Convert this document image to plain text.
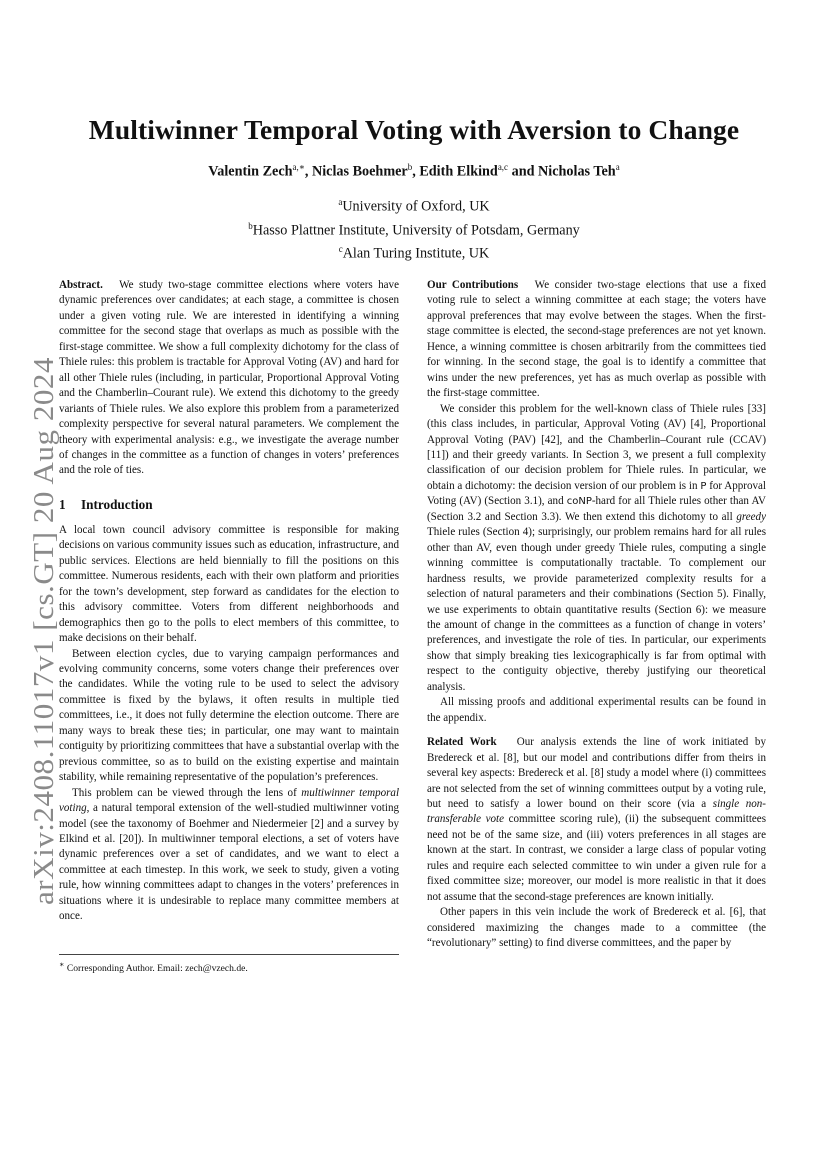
arXiv:2408.11017v1 [cs.GT] 20 Aug 2024
Multiwinner Temporal Voting with Aversion to Change
Valentin Zech$^{a,∗}$, Niclas Boehmer$^b$, Edith Elkind$^{a,c}$ and Nicholas Teh$^a$
$^a$University of Oxford, UK
$^b$Hasso Plattner Institute, University of Potsdam, Germany
$^c$Alan Turing Institute, UK

Abstract. We study two-stage committee elections where voters have dynamic preferences over candidates; at each stage, a committee is chosen under a given voting rule. We are interested in identifying a winning committee for the second stage that overlaps as much as possible with the first-stage committee. We show a full complexity dichotomy for the class of Thiele rules: this problem is tractable for Approval Voting (AV) and hard for all other Thiele rules (including, in particular, Proportional Approval Voting and the Chamberlin–Courant rule). We extend this dichotomy to the greedy variants of Thiele rules. We also explore this problem from a parameterized complexity perspective for several natural parameters. We complement the theory with experimental analysis: e.g., we investigate the average number of changes in the committee as a function of changes in voters’ preferences and the role of ties.

1 Introduction

A local town council advisory committee is responsible for making decisions on various community issues such as education, infrastructure, and public services. Elections are held biennially to fill the positions on this committee. Numerous residents, each with their own platform and priorities for the town’s development, step forward as candidates for the election to this advisory committee. Voters from different neighborhoods and demographics then go to the polls to elect members of this committee, to make decisions on their behalf.

Between election cycles, due to varying campaign performances and evolving community concerns, some voters change their preferences over the candidates. While the voting rule to be used to select the advisory committee is fixed by the bylaws, it often results in multiple tied committees, i.e., it does not fully determine the election outcome. There are many ways to break these ties; in particular, one may want to maintain contiguity by prioritizing committees that have a substantial overlap with the previous committee, so as to build on the existing expertise and maintain stability, while remaining representative of the population’s preferences.

This problem can be viewed through the lens of multiwinner temporal voting, a natural temporal extension of the well-studied multiwinner voting model (see the taxonomy of Boehmer and Niedermeier [2] and a survey by Elkind et al. [20]). In multiwinner temporal elections, a set of voters have dynamic preferences over a set of candidates, and we want to elect a committee at each timestep. In this work, we seek to study, given a voting rule, how winning committees adapt to changes in the voters’ preferences in situations where it is undesirable to replace many committee members at once.

∗ Corresponding Author. Email: zech@vzech.de.

Our Contributions We consider two-stage elections that use a fixed voting rule to select a winning committee at each stage; the voters have approval preferences that may evolve between the stages. When the first-stage committee is elected, the second-stage preferences are not yet known. Hence, a winning committee is chosen arbitrarily from the committees tied for winning. In the second stage, the goal is to identify a committee that wins under the new preferences, yet has as much overlap as possible with the first-stage committee.

We consider this problem for the well-known class of Thiele rules [33] (this class includes, in particular, Approval Voting (AV) [4], Proportional Approval Voting (PAV) [42], and the Chamberlin–Courant rule (CCAV) [11]) and their greedy variants. In Section 3, we present a full complexity classification of our decision problem for Thiele rules. In particular, we obtain a dichotomy: the decision version of our problem is in P for Approval Voting (AV) (Section 3.1), and coNP-hard for all Thiele rules other than AV (Section 3.2 and Section 3.3). We then extend this dichotomy to all greedy Thiele rules (Section 4); surprisingly, our problem remains hard for all rules other than AV, even though under greedy Thiele rules, computing a single winning committee is computationally tractable. To complement our hardness results, we provide parameterized complexity results for a selection of natural parameters and their combinations (Section 5). Finally, we use experiments to obtain quantitative results (Section 6): we measure the amount of change in the committees as a function of change in voters’ preferences, and investigate the role of ties. In particular, our experiments show that simply breaking ties lexicographically is far from optimal with respect to the contiguity objective, thereby justifying our theoretical analysis.

All missing proofs and additional experimental results can be found in the appendix.

Related Work Our analysis extends the line of work initiated by Bredereck et al. [8], but our model and contributions differ from theirs in several key aspects: Bredereck et al. [8] study a model where (i) committees are not selected from the set of winning committees output by a voting rule, but need to satisfy a lower bound on their score (via a single non-transferable vote committee scoring rule), (ii) the subsequent committees need not be of the same size, and (iii) voters preferences in all stages are known at the start. In contrast, we consider a large class of popular voting rules and require each selected committee to win under a given rule for a fixed committee size; moreover, our model is more realistic in that it does not assume that the second-stage preferences are known initially.

Other papers in this vein include the work of Bredereck et al. [6], that considered maximizing the changes made to a committee (the “revolutionary” setting) to find diverse committees, and the paper by
